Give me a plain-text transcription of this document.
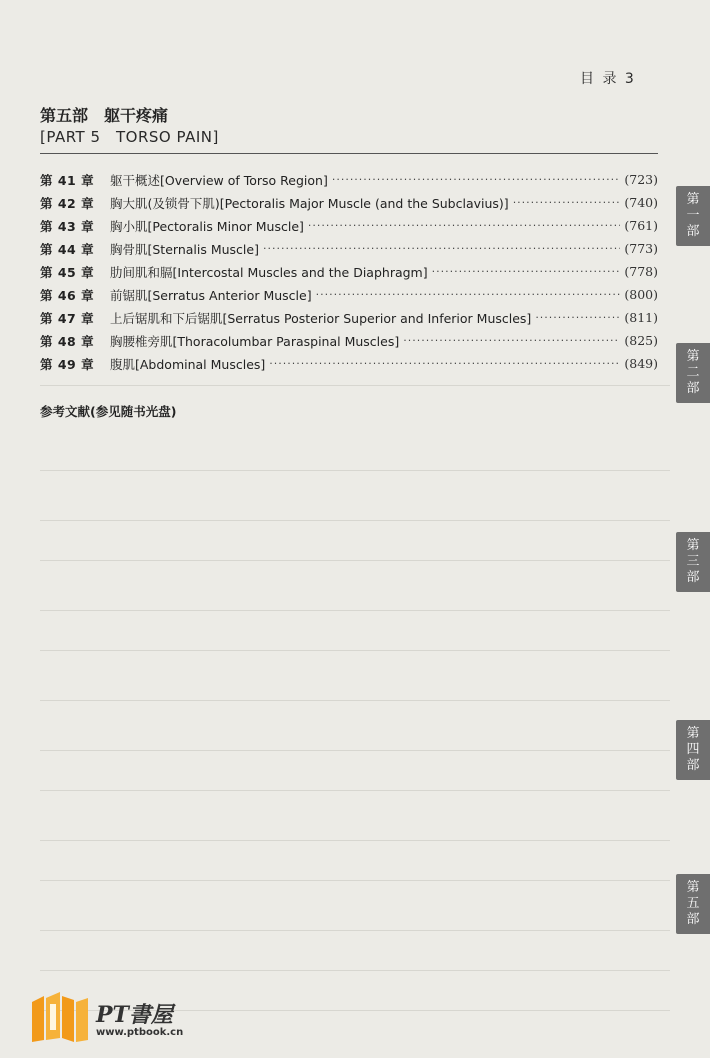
目 录 3
第五部　躯干疼痛
[PART 5　TORSO PAIN]
第 41 章	躯干概述[Overview of Torso Region] ·····	(723)
第 42 章	胸大肌(及锁骨下肌)[Pectoralis Major Muscle (and the Subclavius)] ·····	(740)
第 43 章	胸小肌[Pectoralis Minor Muscle] ·····	(761)
第 44 章	胸骨肌[Sternalis Muscle] ·····	(773)
第 45 章	肋间肌和膈[Intercostal Muscles and the Diaphragm] ·····	(778)
第 46 章	前锯肌[Serratus Anterior Muscle] ·····	(800)
第 47 章	上后锯肌和下后锯肌[Serratus Posterior Superior and Inferior Muscles] ·····	(811)
第 48 章	胸腰椎旁肌[Thoracolumbar Paraspinal Muscles] ·····	(825)
第 49 章	腹肌[Abdominal Muscles] ·····	(849)
参考文献(参见随书光盘)
第
一
部
第
二
部
第
三
部
第
四
部
第
五
部
PT書屋
www.ptbook.cn
